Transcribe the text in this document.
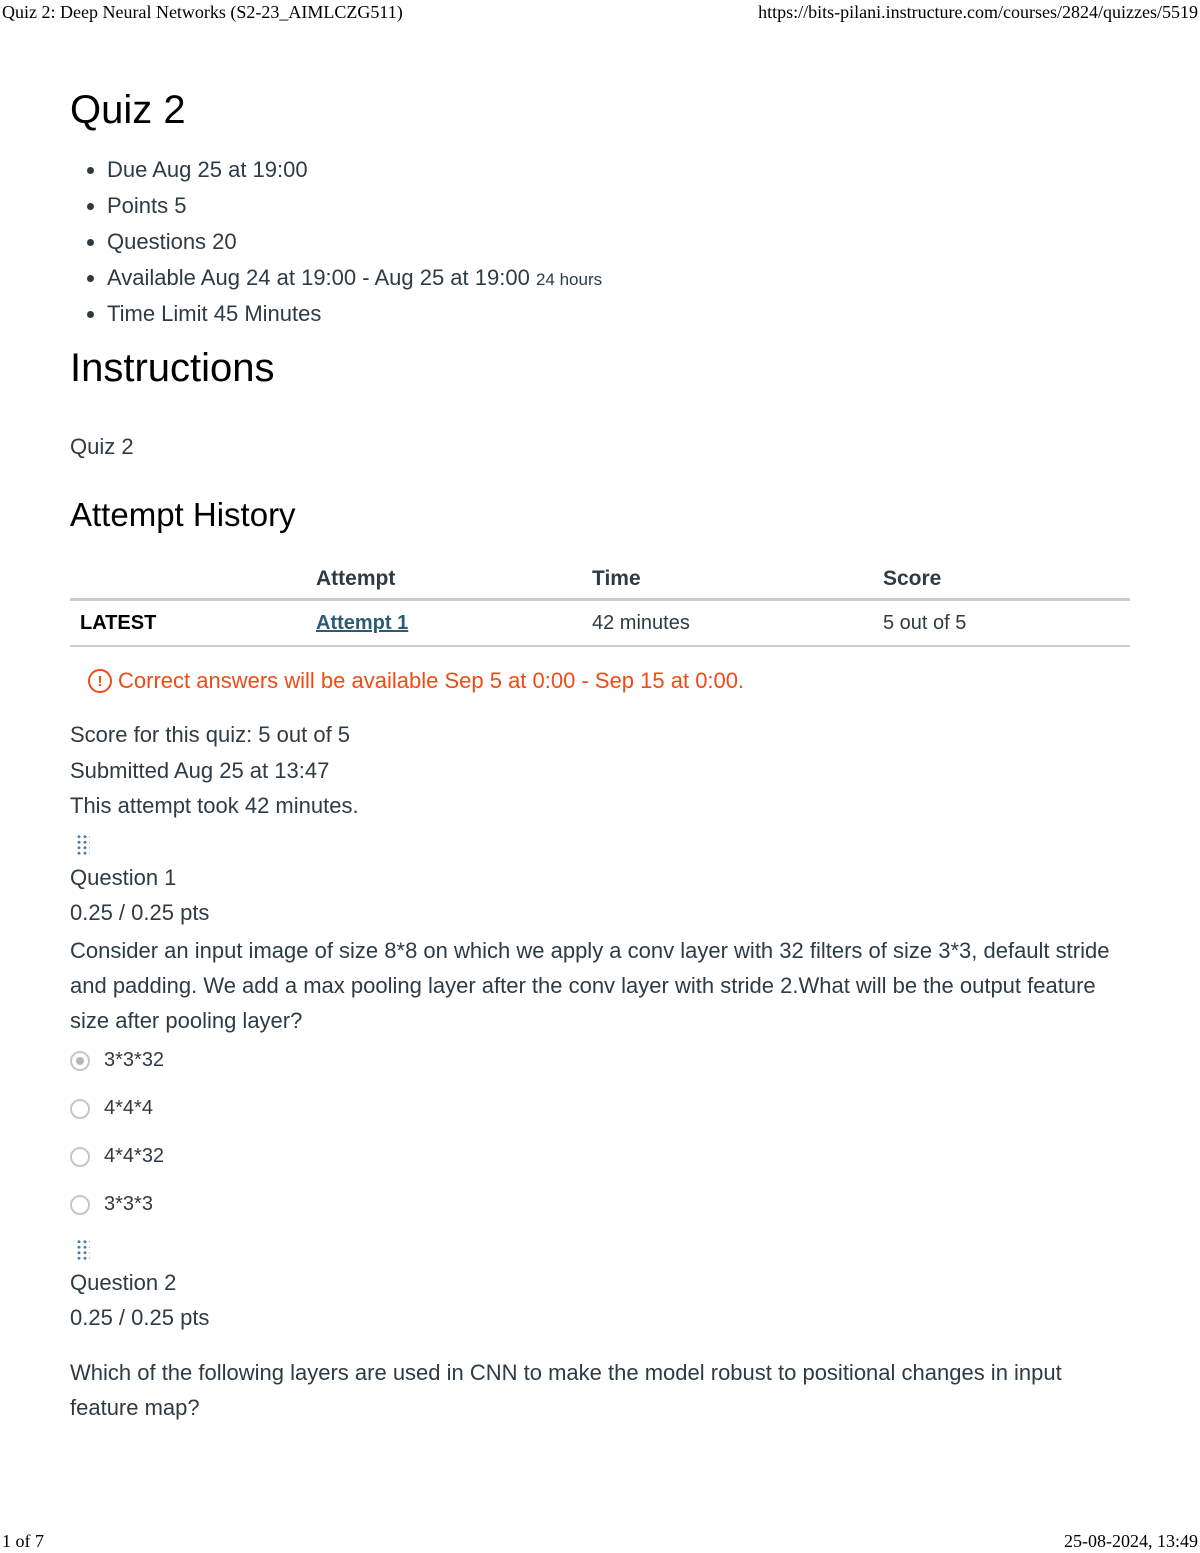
Quiz 2: Deep Neural Networks (S2-23_AIMLCZG511)	https://bits-pilani.instructure.com/courses/2824/quizzes/5519
Quiz 2
Due Aug 25 at 19:00
Points 5
Questions 20
Available Aug 24 at 19:00 - Aug 25 at 19:00 24 hours
Time Limit 45 Minutes
Instructions
Quiz 2
Attempt History
	Attempt	Time	Score
LATEST	Attempt 1	42 minutes	5 out of 5
! Correct answers will be available Sep 5 at 0:00 - Sep 15 at 0:00.
Score for this quiz: 5 out of 5
Submitted Aug 25 at 13:47
This attempt took 42 minutes.
Question 1
0.25 / 0.25 pts
Consider an input image of size 8*8 on which we apply a conv layer with 32 filters of size 3*3, default stride and padding. We add a max pooling layer after the conv layer with stride 2.What will be the output feature size after pooling layer?
3*3*32
4*4*4
4*4*32
3*3*3
Question 2
0.25 / 0.25 pts
Which of the following layers are used in CNN to make the model robust to positional changes in input feature map?
1 of 7	25-08-2024, 13:49
